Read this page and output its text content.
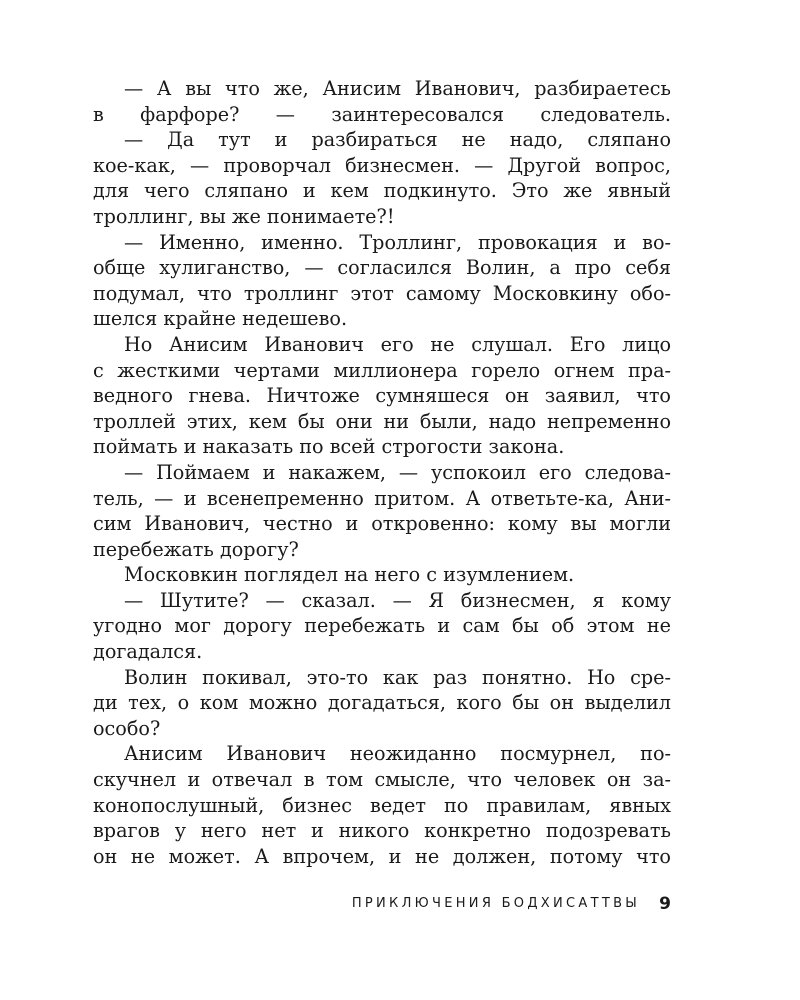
— А вы что же, Анисим Иванович, разбираетесь
в фарфоре? — заинтересовался следователь.
— Да тут и разбираться не надо, сляпано
кое-как, — проворчал бизнесмен. — Другой вопрос,
для чего сляпано и кем подкинуто. Это же явный
троллинг, вы же понимаете?!
— Именно, именно. Троллинг, провокация и во-
обще хулиганство, — согласился Волин, а про себя
подумал, что троллинг этот самому Московкину обо-
шелся крайне недешево.
Но Анисим Иванович его не слушал. Его лицо
с жесткими чертами миллионера горело огнем пра-
ведного гнева. Ничтоже сумняшеся он заявил, что
троллей этих, кем бы они ни были, надо непременно
поймать и наказать по всей строгости закона.
— Поймаем и накажем, — успокоил его следова-
тель, — и всенепременно притом. А ответьте-ка, Ани-
сим Иванович, честно и откровенно: кому вы могли
перебежать дорогу?
Московкин поглядел на него с изумлением.
— Шутите? — сказал. — Я бизнесмен, я кому
угодно мог дорогу перебежать и сам бы об этом не
догадался.
Волин покивал, это-то как раз понятно. Но сре-
ди тех, о ком можно догадаться, кого бы он выделил
особо?
Анисим Иванович неожиданно посмурнел, по-
скучнел и отвечал в том смысле, что человек он за-
конопослушный, бизнес ведет по правилам, явных
врагов у него нет и никого конкретно подозревать
он не может. А впрочем, и не должен, потому что
ПРИКЛЮЧЕНИЯ БОДХИСАТТВЫ 9
